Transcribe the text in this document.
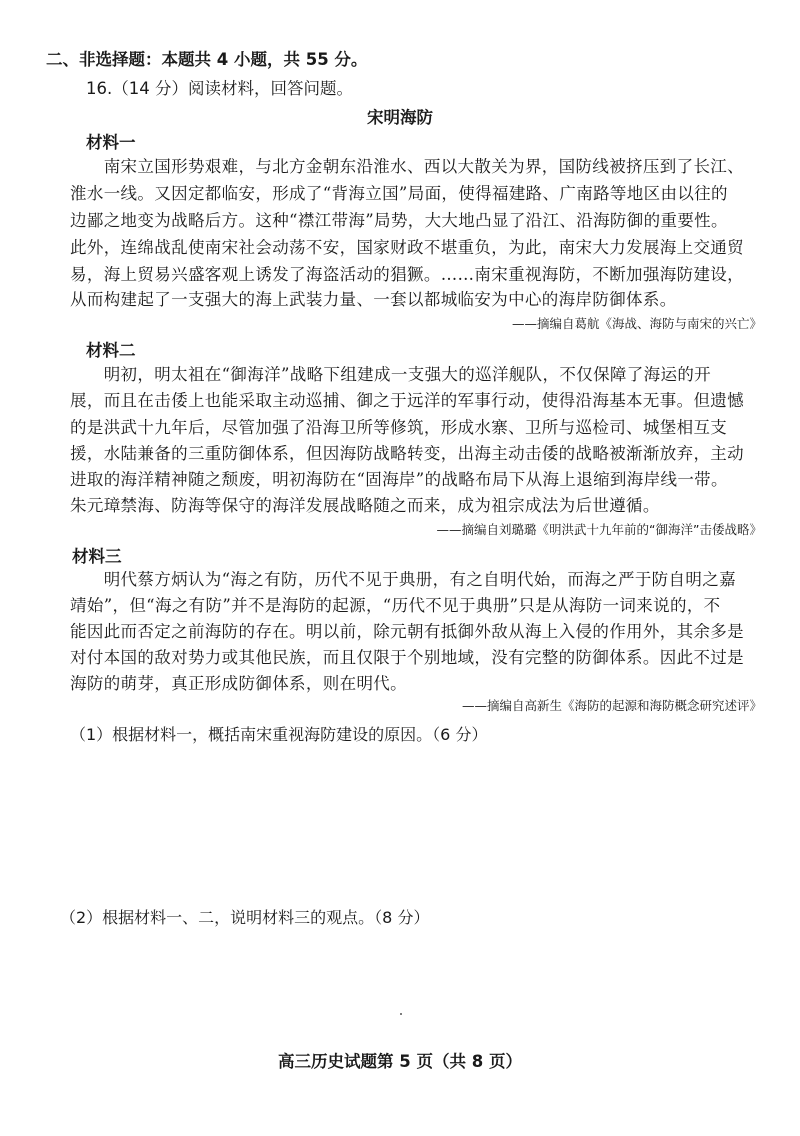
二、非选择题：本题共 4 小题，共 55 分。
16.（14 分）阅读材料，回答问题。
宋明海防
材料一
　　南宋立国形势艰难，与北方金朝东沿淮水、西以大散关为界，国防线被挤压到了长江、
淮水一线。又因定都临安，形成了“背海立国”局面，使得福建路、广南路等地区由以往的
边鄙之地变为战略后方。这种“襟江带海”局势，大大地凸显了沿江、沿海防御的重要性。
此外，连绵战乱使南宋社会动荡不安，国家财政不堪重负，为此，南宋大力发展海上交通贸
易，海上贸易兴盛客观上诱发了海盗活动的猖獗。……南宋重视海防，不断加强海防建设，
从而构建起了一支强大的海上武装力量、一套以都城临安为中心的海岸防御体系。
——摘编自葛航《海战、海防与南宋的兴亡》
材料二
　　明初，明太祖在“御海洋”战略下组建成一支强大的巡洋舰队，不仅保障了海运的开
展，而且在击倭上也能采取主动巡捕、御之于远洋的军事行动，使得沿海基本无事。但遗憾
的是洪武十九年后，尽管加强了沿海卫所等修筑，形成水寨、卫所与巡检司、城堡相互支
援，水陆兼备的三重防御体系，但因海防战略转变，出海主动击倭的战略被渐渐放弃，主动
进取的海洋精神随之颓废，明初海防在“固海岸”的战略布局下从海上退缩到海岸线一带。
朱元璋禁海、防海等保守的海洋发展战略随之而来，成为祖宗成法为后世遵循。
——摘编自刘璐璐《明洪武十九年前的“御海洋”击倭战略》
材料三
　　明代蔡方炳认为“海之有防，历代不见于典册，有之自明代始，而海之严于防自明之嘉
靖始”，但“海之有防”并不是海防的起源，“历代不见于典册”只是从海防一词来说的，不
能因此而否定之前海防的存在。明以前，除元朝有抵御外敌从海上入侵的作用外，其余多是
对付本国的敌对势力或其他民族，而且仅限于个别地域，没有完整的防御体系。因此不过是
海防的萌芽，真正形成防御体系，则在明代。
——摘编自高新生《海防的起源和海防概念研究述评》
（1）根据材料一，概括南宋重视海防建设的原因。（6 分）
（2）根据材料一、二，说明材料三的观点。（8 分）
高三历史试题第 5 页（共 8 页）
